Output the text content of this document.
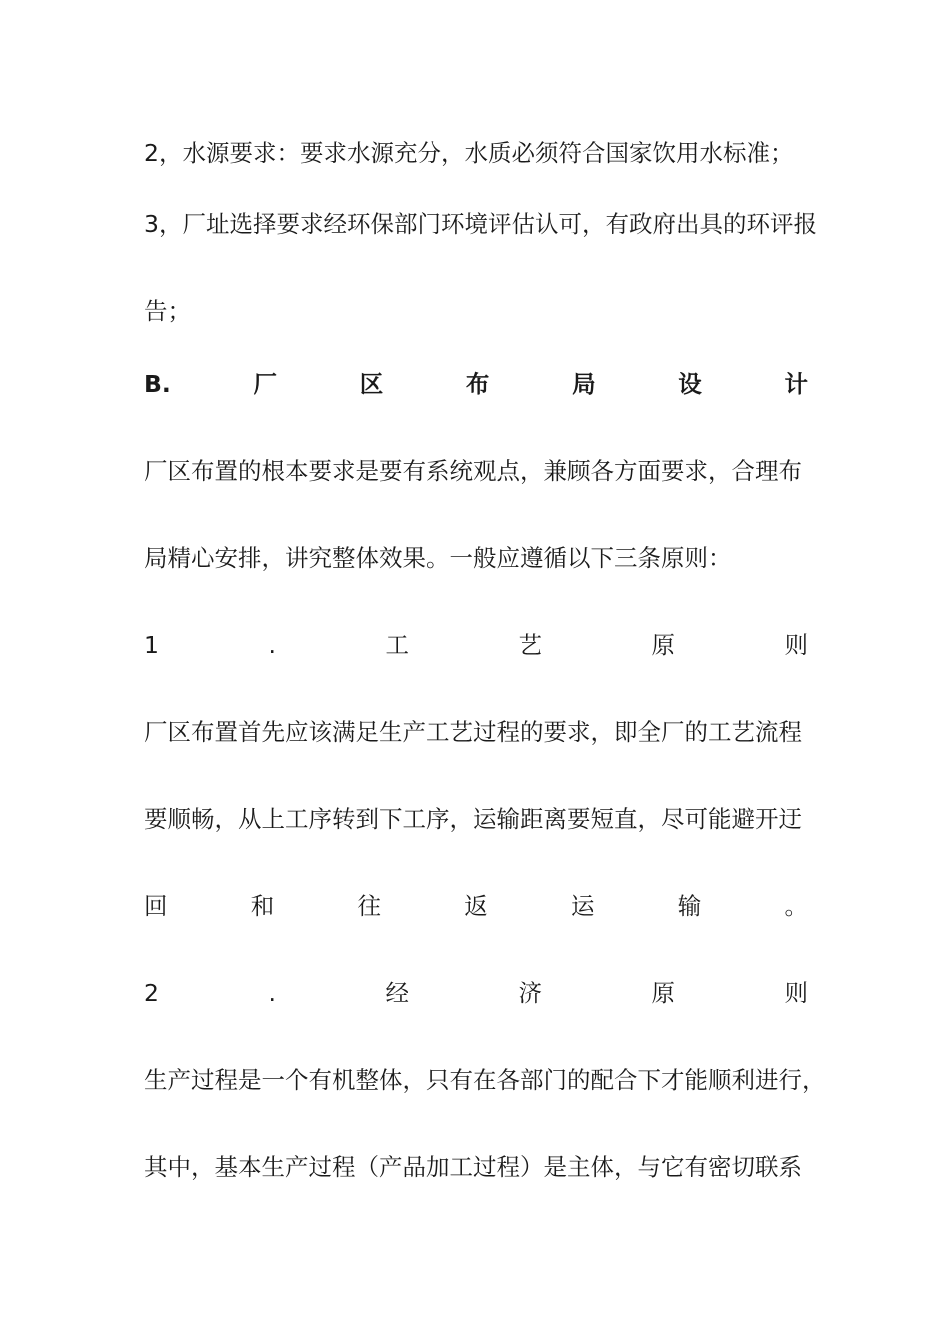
2，水源要求：要求水源充分，水质必须符合国家饮用水标准；
3，厂址选择要求经环保部门环境评估认可，有政府出具的环评报
告；
B.	厂	区	布	局	设	计
厂区布置的根本要求是要有系统观点，兼顾各方面要求，合理布
局精心安排，讲究整体效果。一般应遵循以下三条原则：
1	.	工	艺	原	则
厂区布置首先应该满足生产工艺过程的要求，即全厂的工艺流程
要顺畅，从上工序转到下工序，运输距离要短直，尽可能避开迂
回	和	往	返	运	输	。
2	.	经	济	原	则
生产过程是一个有机整体，只有在各部门的配合下才能顺利进行，
其中，基本生产过程（产品加工过程）是主体，与它有密切联系
